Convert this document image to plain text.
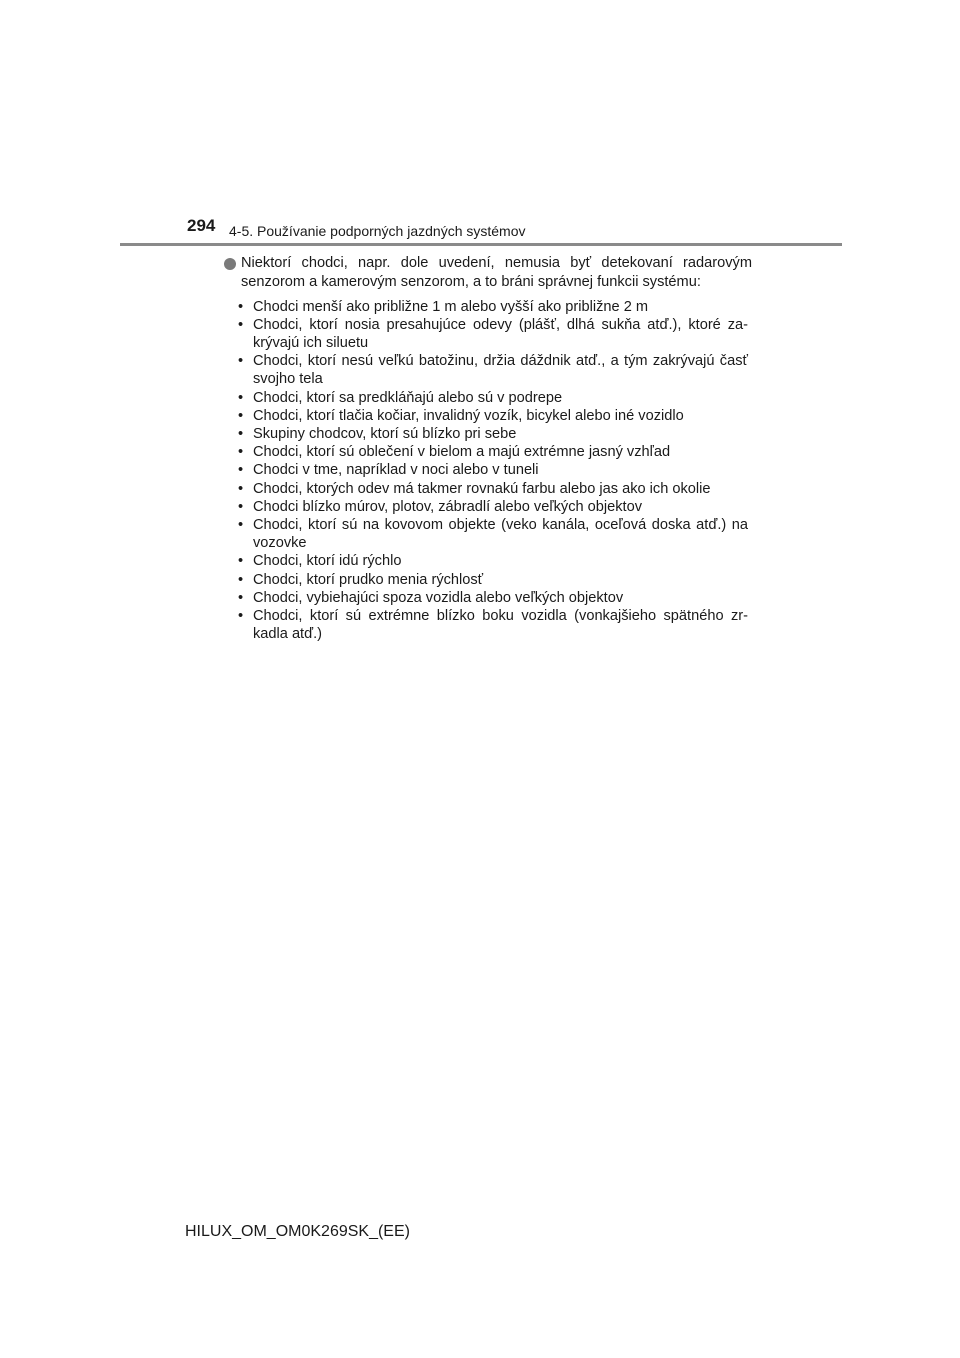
294 4-5. Používanie podporných jazdných systémov

Niektorí chodci, napr. dole uvedení, nemusia byť detekovaní radarovým senzorom a kamerovým senzorom, a to bráni správnej funkcii systému:

• Chodci menší ako približne 1 m alebo vyšší ako približne 2 m
• Chodci, ktorí nosia presahujúce odevy (plášť, dlhá sukňa atď.), ktoré za-krývajú ich siluetu
• Chodci, ktorí nesú veľkú batožinu, držia dáždnik atď., a tým zakrývajú časť svojho tela
• Chodci, ktorí sa predkláňajú alebo sú v podrepe
• Chodci, ktorí tlačia kočiar, invalidný vozík, bicykel alebo iné vozidlo
• Skupiny chodcov, ktorí sú blízko pri sebe
• Chodci, ktorí sú oblečení v bielom a majú extrémne jasný vzhľad
• Chodci v tme, napríklad v noci alebo v tuneli
• Chodci, ktorých odev má takmer rovnakú farbu alebo jas ako ich okolie
• Chodci blízko múrov, plotov, zábradlí alebo veľkých objektov
• Chodci, ktorí sú na kovovom objekte (veko kanála, oceľová doska atď.) na vozovke
• Chodci, ktorí idú rýchlo
• Chodci, ktorí prudko menia rýchlosť
• Chodci, vybiehajúci spoza vozidla alebo veľkých objektov
• Chodci, ktorí sú extrémne blízko boku vozidla (vonkajšieho spätného zr-kadla atď.)
HILUX_OM_OM0K269SK_(EE)
